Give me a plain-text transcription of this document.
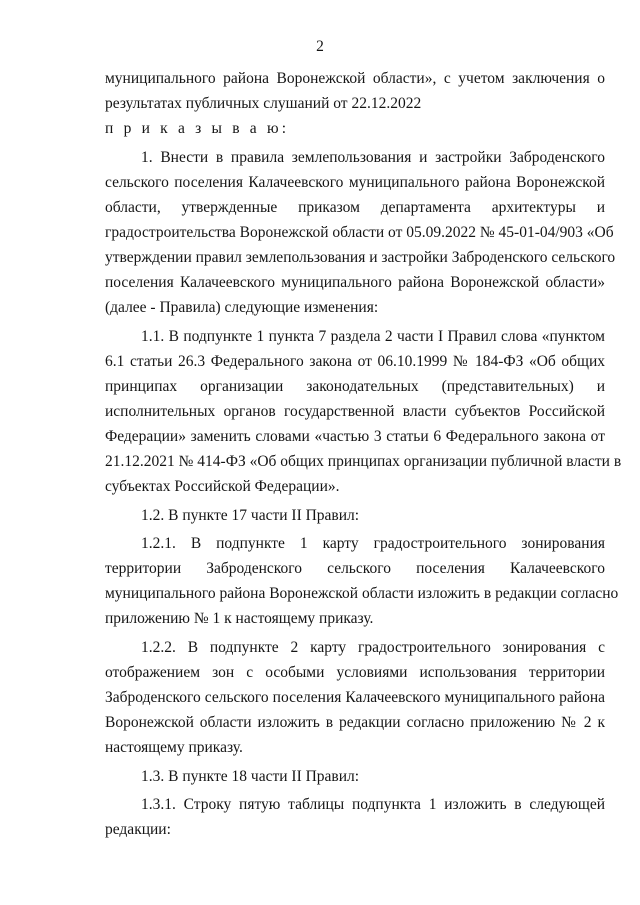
2
муниципального района Воронежской области», с учетом заключения о
результатах публичных слушаний от 22.12.2022
п р и к а з ы в а ю:
1. Внести в правила землепользования и застройки Забродeнского
сельского поселения Калачеевского муниципального района Воронежской
области, утвержденные приказом департамента архитектуры и
градостроительства Воронежской области от 05.09.2022 № 45-01-04/903 «Об
утверждении правил землепользования и застройки Забродeнского сельского
поселения Калачеевского муниципального района Воронежской области»
(далее - Правила) следующие изменения:
1.1. В подпункте 1 пункта 7 раздела 2 части I Правил слова «пунктом
6.1 статьи 26.3 Федерального закона от 06.10.1999 № 184-ФЗ «Об общих
принципах организации законодательных (представительных) и
исполнительных органов государственной власти субъектов Российской
Федерации» заменить словами «частью 3 статьи 6 Федерального закона от
21.12.2021 № 414-ФЗ «Об общих принципах организации публичной власти в
субъектах Российской Федерации».
1.2. В пункте 17 части II Правил:
1.2.1. В подпункте 1 карту градостроительного зонирования
территории Забродeнского сельского поселения Калачеевского
муниципального района Воронежской области изложить в редакции согласно
приложению № 1 к настоящему приказу.
1.2.2. В подпункте 2 карту градостроительного зонирования с
отображением зон с особыми условиями использования территории
Забродeнского сельского поселения Калачеевского муниципального района
Воронежской области изложить в редакции согласно приложению № 2 к
настоящему приказу.
1.3. В пункте 18 части II Правил:
1.3.1. Строку пятую таблицы подпункта 1 изложить в следующей
редакции:
